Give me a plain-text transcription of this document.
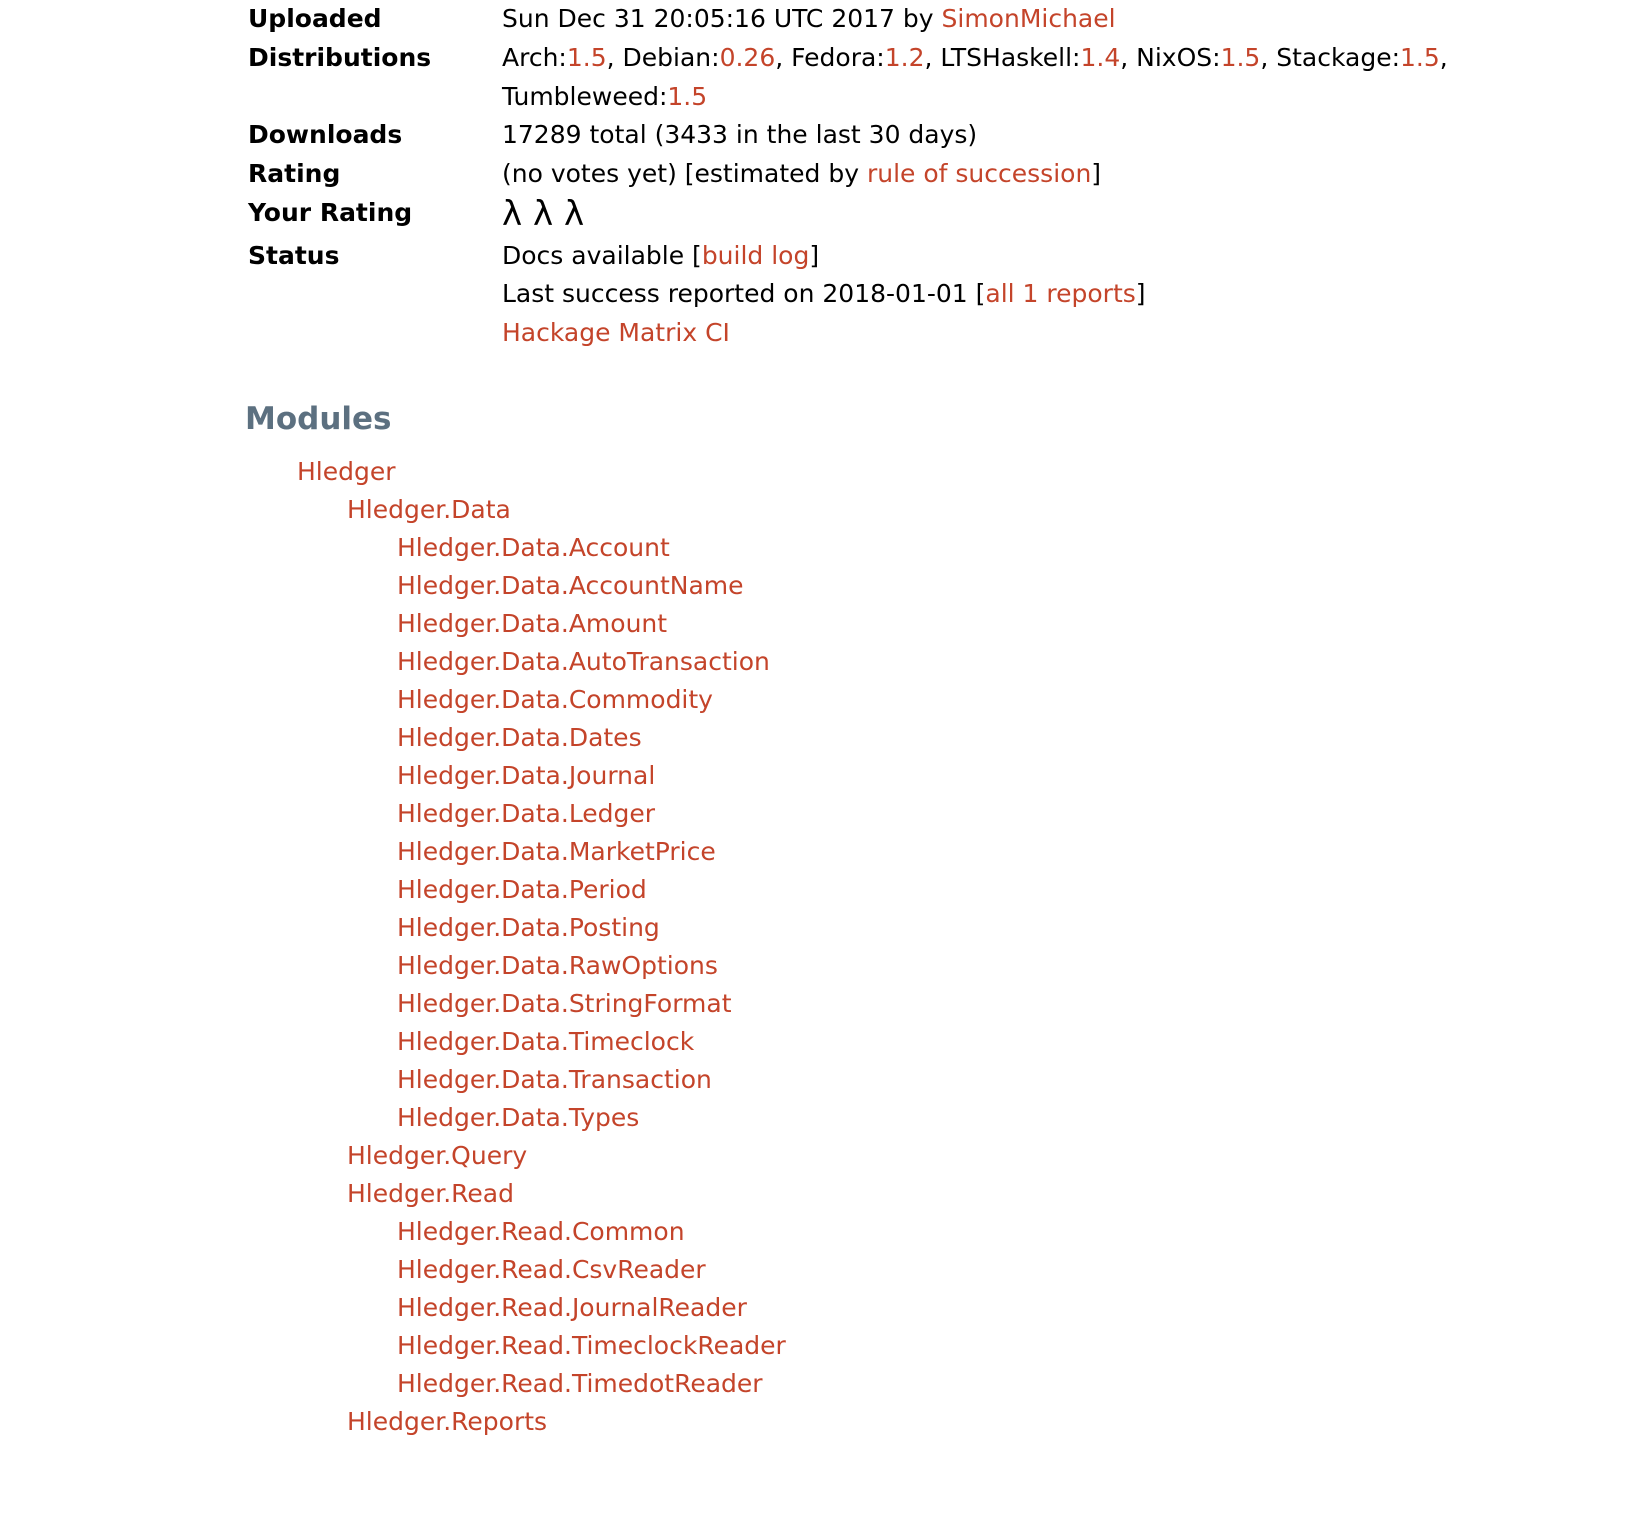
Uploaded	Sun Dec 31 20:05:16 UTC 2017 by SimonMichael
Distributions	Arch:1.5, Debian:0.26, Fedora:1.2, LTSHaskell:1.4, NixOS:1.5, Stackage:1.5, Tumbleweed:1.5

Downloads	17289 total (3433 in the last 30 days)
Rating	(no votes yet) [estimated by rule of succession]
Your Rating	λλλ
Status	Docs available [build log]
Last success reported on 2018-01-01 [all 1 reports]
Hackage Matrix CI
Modules
Hledger
Hledger.Data
Hledger.Data.Account
Hledger.Data.AccountName
Hledger.Data.Amount
Hledger.Data.AutoTransaction
Hledger.Data.Commodity
Hledger.Data.Dates
Hledger.Data.Journal
Hledger.Data.Ledger
Hledger.Data.MarketPrice
Hledger.Data.Period
Hledger.Data.Posting
Hledger.Data.RawOptions
Hledger.Data.StringFormat
Hledger.Data.Timeclock
Hledger.Data.Transaction
Hledger.Data.Types
Hledger.Query
Hledger.Read
Hledger.Read.Common
Hledger.Read.CsvReader
Hledger.Read.JournalReader
Hledger.Read.TimeclockReader
Hledger.Read.TimedotReader
Hledger.Reports
